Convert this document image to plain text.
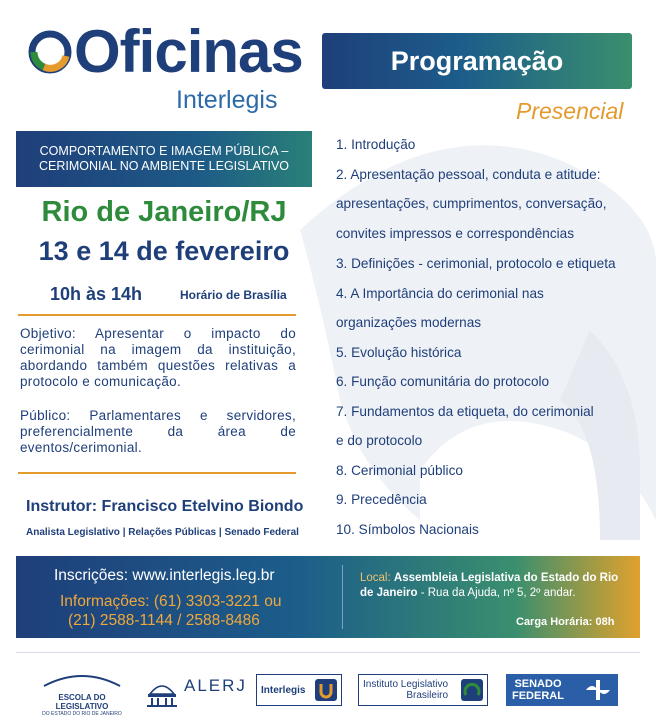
Oficinas
Interlegis
Programação
Presencial
COMPORTAMENTO E IMAGEM PÚBLICA –
CERIMONIAL NO AMBIENTE LEGISLATIVO
Rio de Janeiro/RJ
13 e 14 de fevereiro
10h às 14h	Horário de Brasília
Objetivo: Apresentar o impacto do cerimonial na imagem da instituição, abordando também questões relativas a protocolo e comunicação.
Público: Parlamentares e servidores, preferencialmente da área de eventos/cerimonial.
Instrutor: Francisco Etelvino Biondo
Analista Legislativo | Relações Públicas | Senado Federal
1. Introdução
2. Apresentação pessoal, conduta e atitude:
apresentações, cumprimentos, conversação,
convites impressos e correspondências
3. Definições - cerimonial, protocolo e etiqueta
4. A Importância do cerimonial nas
organizações modernas
5. Evolução histórica
6. Função comunitária do protocolo
7. Fundamentos da etiqueta, do cerimonial
e do protocolo
8. Cerimonial público
9. Precedência
10. Símbolos Nacionais
Inscrições: www.interlegis.leg.br
Informações: (61) 3303-3221 ou
(21) 2588-1144 / 2588-8486
Local: Assembleia Legislativa do Estado do Rio de Janeiro - Rua da Ajuda, nº 5, 2º andar.
Carga Horária: 08h
ESCOLA DO LEGISLATIVO
DO ESTADO DO RIO DE JANEIRO
ALERJ Interlegis	Instituto Legislativo
Brasileiro
SENADO
FEDERAL
